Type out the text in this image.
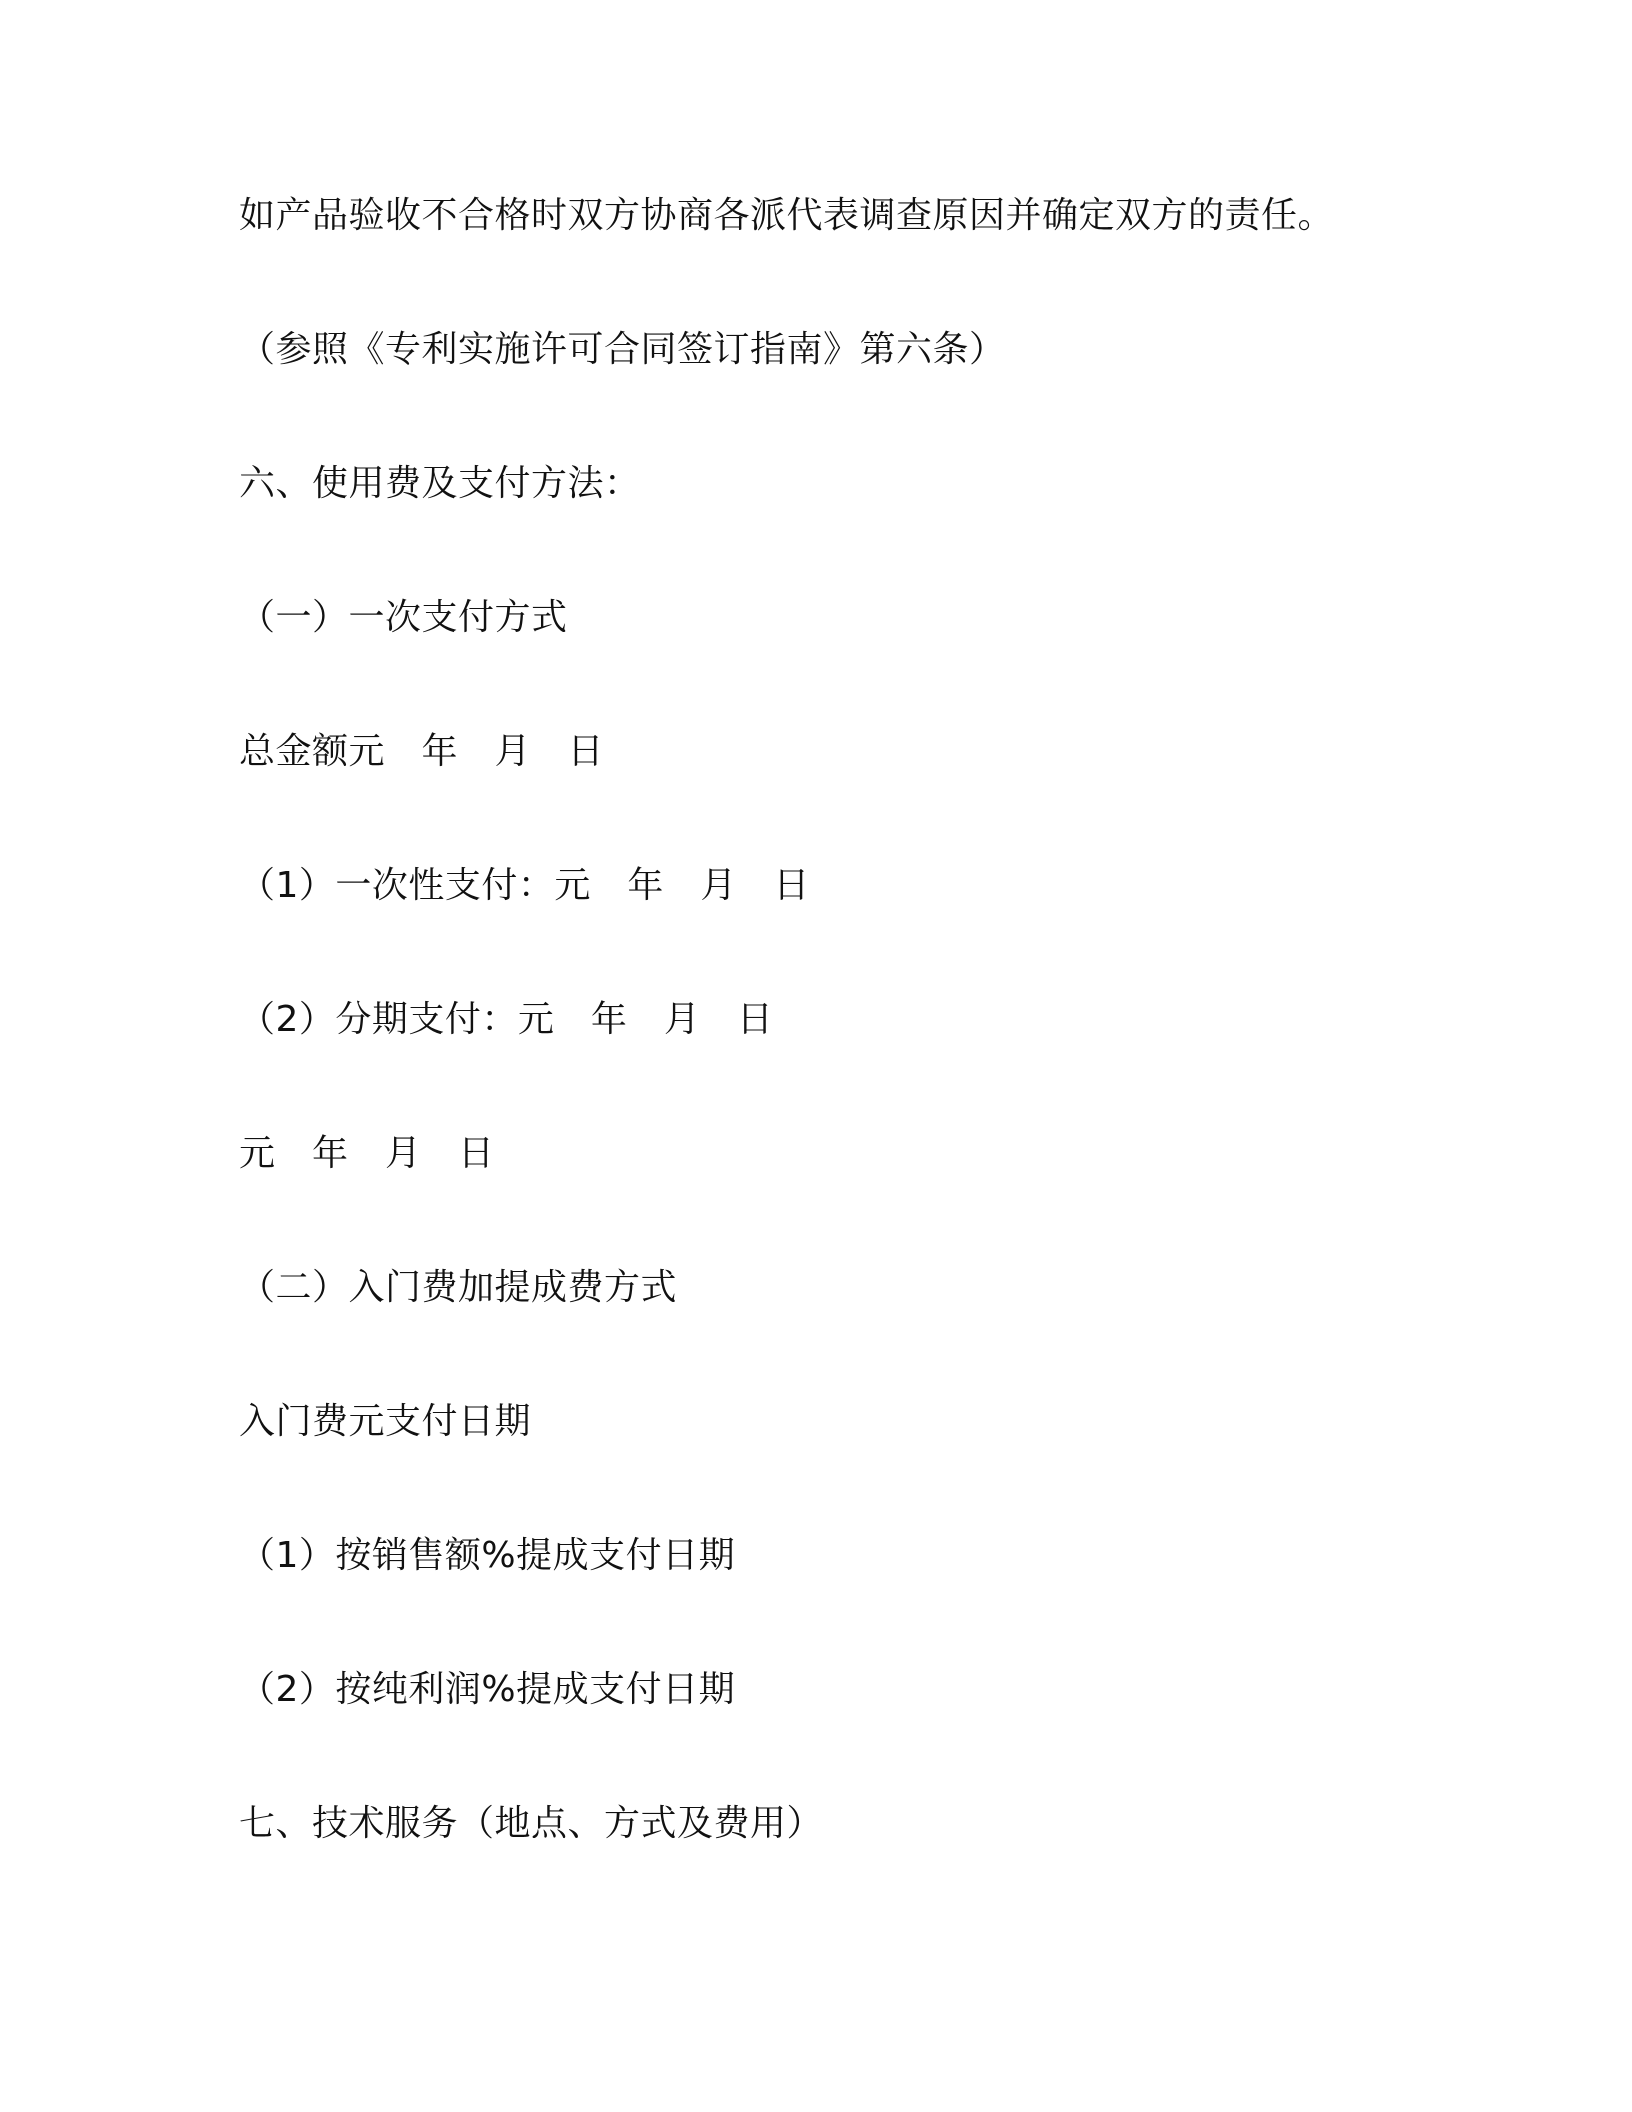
如产品验收不合格时双方协商各派代表调查原因并确定双方的责任。
（参照《专利实施许可合同签订指南》第六条）
六、使用费及支付方法：
（一）一次支付方式
总金额元　年　月　日
（1）一次性支付：元　年　月　日
（2）分期支付：元　年　月　日
元　年　月　日
（二）入门费加提成费方式
入门费元支付日期
（1）按销售额%提成支付日期
（2）按纯利润%提成支付日期
七、技术服务（地点、方式及费用）
